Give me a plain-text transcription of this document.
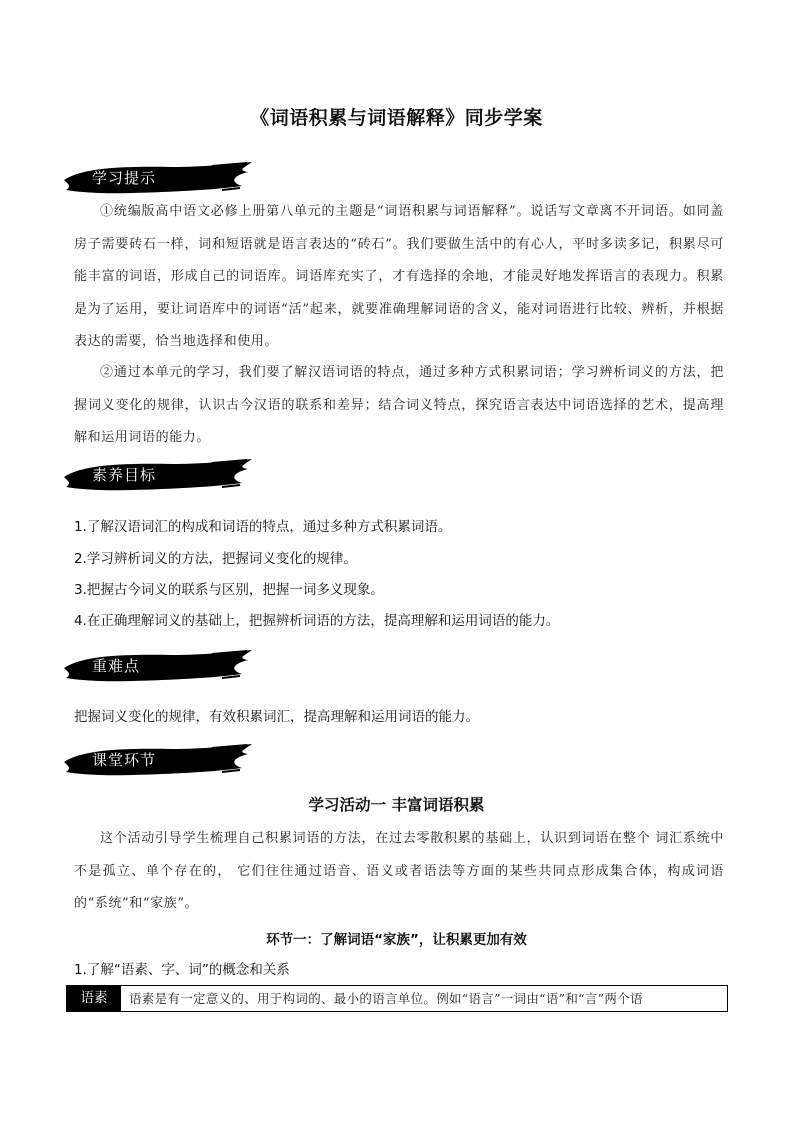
《词语积累与词语解释》同步学案
学习提示

①统编版高中语文必修上册第八单元的主题是“词语积累与词语解释”。说话写文章离不开词语。如同盖房子需要砖石一样，词和短语就是语言表达的“砖石”。我们要做生活中的有心人，平时多读多记，积累尽可能丰富的词语，形成自己的词语库。词语库充实了，才有选择的余地，才能灵好地发挥语言的表现力。积累是为了运用，要让词语库中的词语“活”起来，就要准确理解词语的含义，能对词语进行比较、辨析，并根据表达的需要，恰当地选择和使用。

②通过本单元的学习，我们要了解汉语词语的特点，通过多种方式积累词语；学习辨析词义的方法，把握词义变化的规律，认识古今汉语的联系和差异；结合词义特点，探究语言表达中词语选择的艺术，提高理解和运用词语的能力。

素养目标
1.了解汉语词汇的构成和词语的特点，通过多种方式积累词语。
2.学习辨析词义的方法，把握词义变化的规律。
3.把握古今词义的联系与区别，把握一词多义现象。
4.在正确理解词义的基础上，把握辨析词语的方法，提高理解和运用词语的能力。
重难点
把握词义变化的规律，有效积累词汇，提高理解和运用词语的能力。
课堂环节
学习活动一 丰富词语积累

这个活动引导学生梳理自己积累词语的方法，在过去零散积累的基础上，认识到词语在整个 词汇系统中不是孤立、单个存在的， 它们往往通过语音、语义或者语法等方面的某些共同点形成集合体，构成词语的“系统”和“家族”。

环节一：了解词语“家族”，让积累更加有效
1.了解“语素、字、词”的概念和关系
语素	语素是有一定意义的、用于构词的、最小的语言单位。例如“语言”一词由“语”和“言”两个语
